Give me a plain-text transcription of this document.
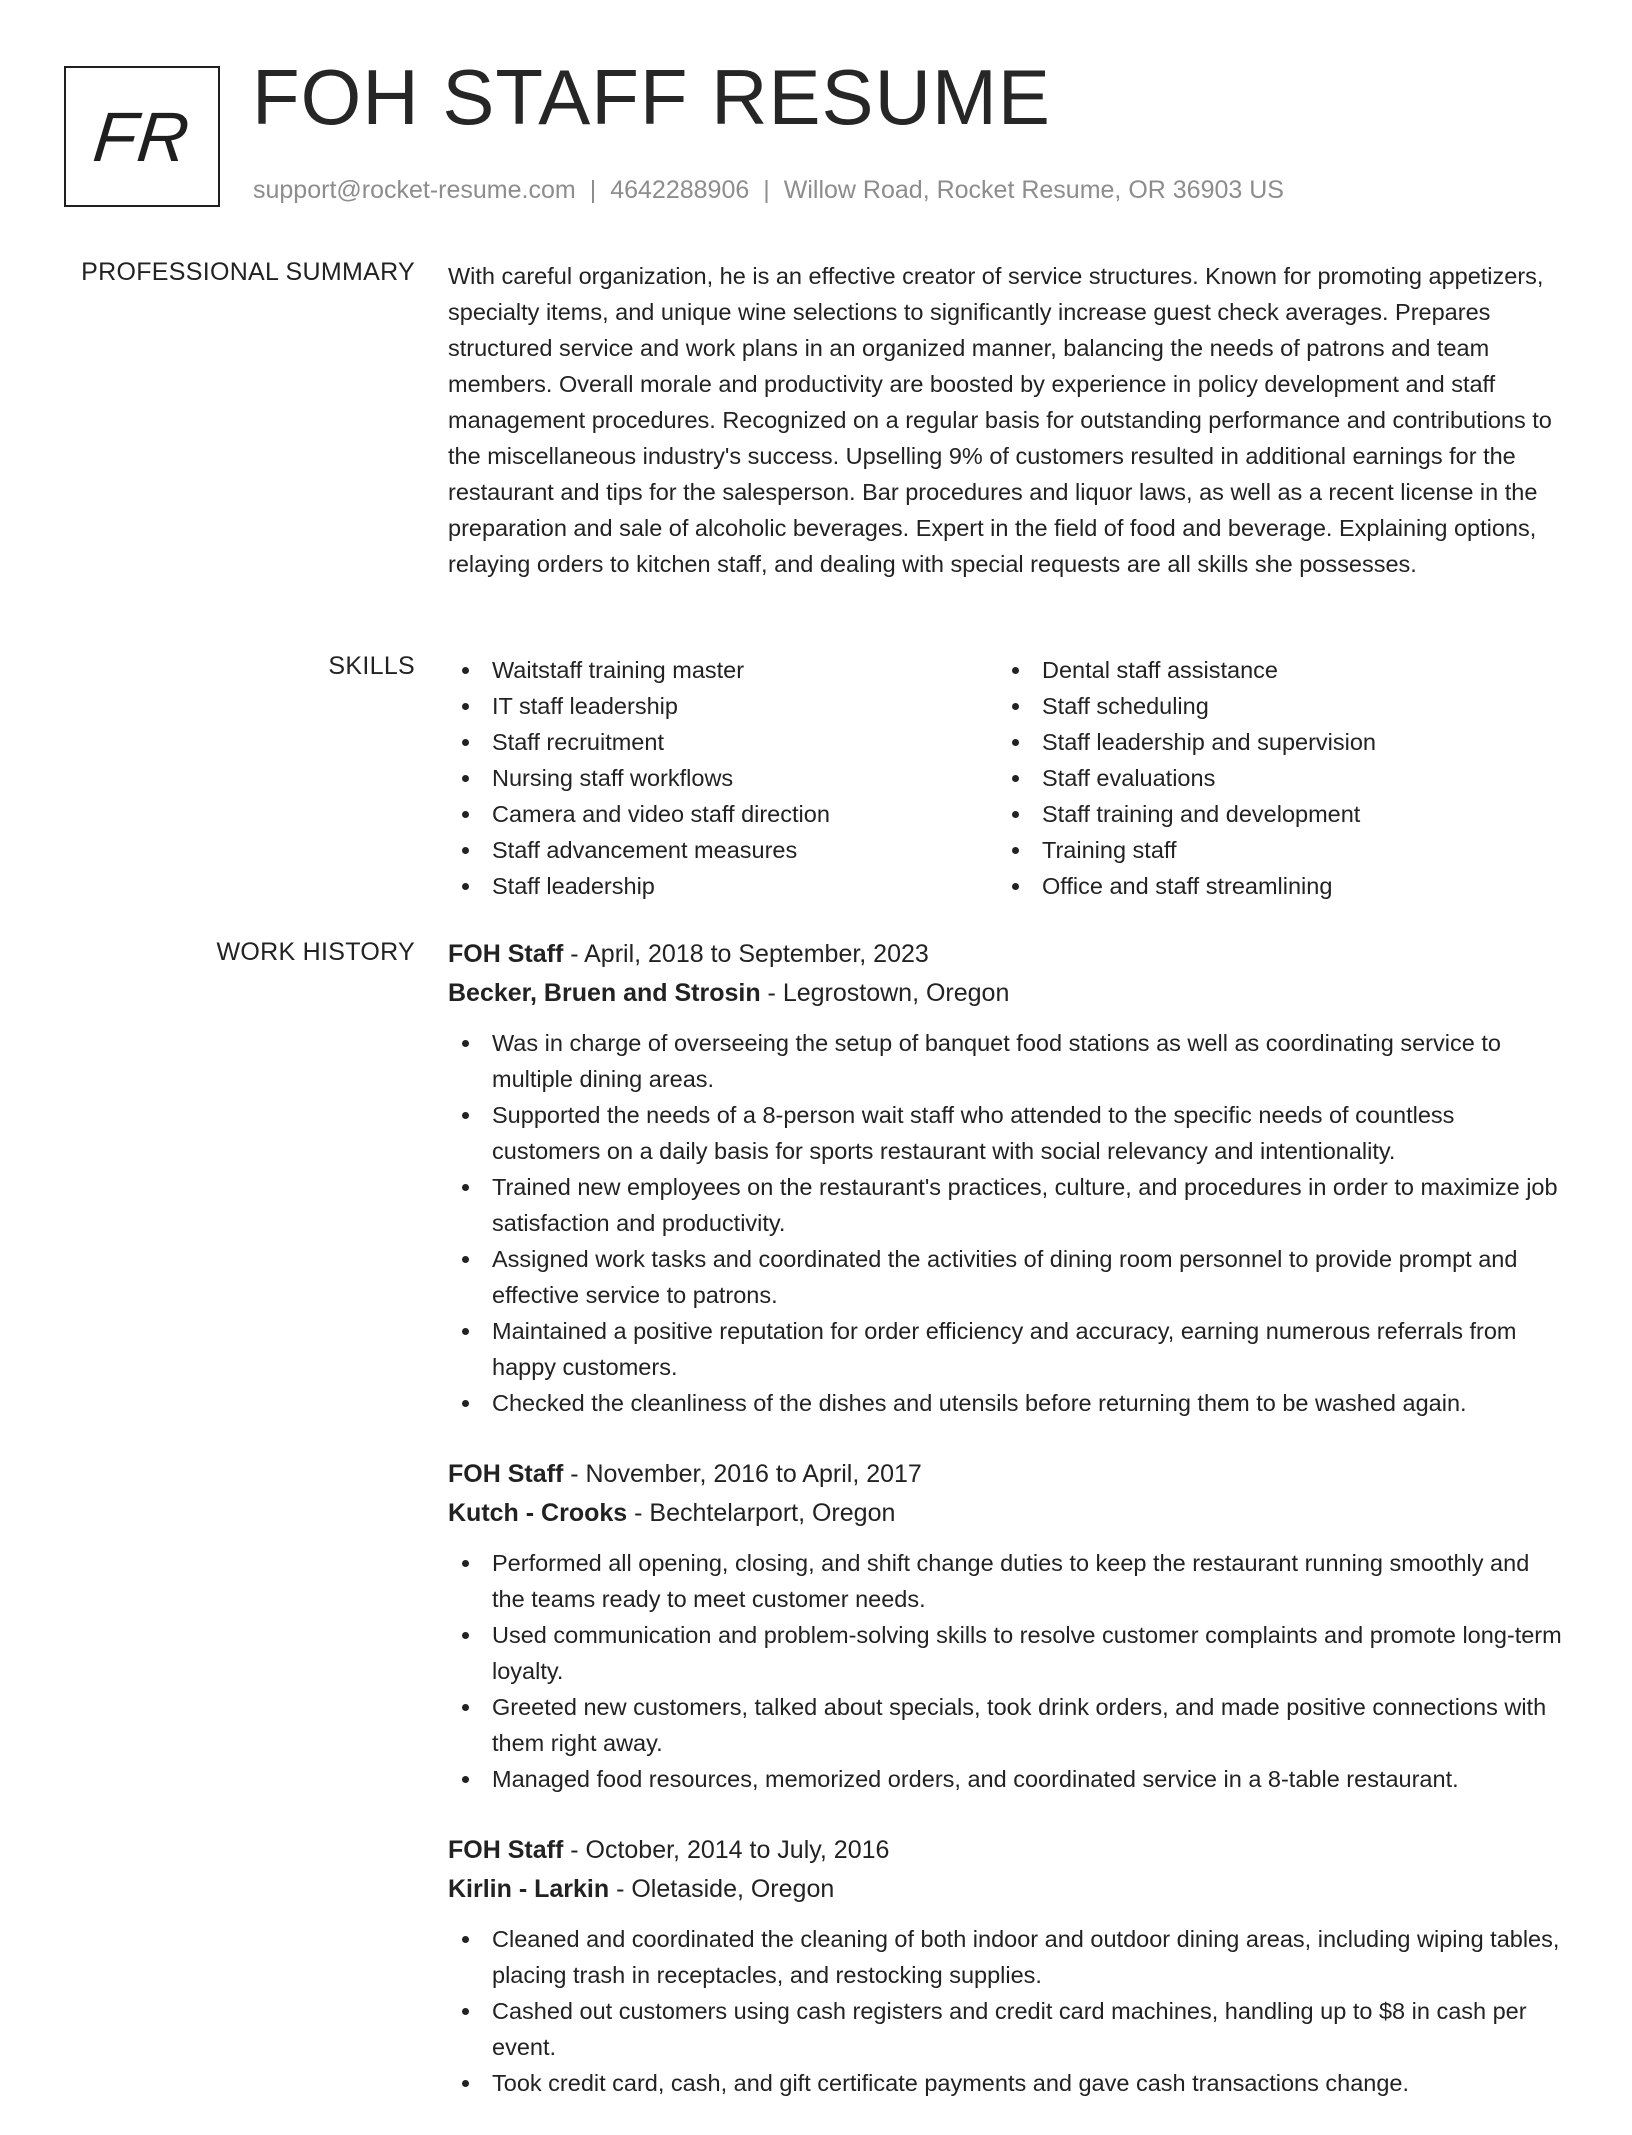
FR FOH STAFF RESUME
support@rocket-resume.com | 4642288906 | Willow Road, Rocket Resume, OR 36903 US
PROFESSIONAL SUMMARY With careful organization, he is an effective creator of service structures. Known for promoting appetizers, specialty items, and unique wine selections to significantly increase guest check averages. Prepares structured service and work plans in an organized manner, balancing the needs of patrons and team members. Overall morale and productivity are boosted by experience in policy development and staff management procedures. Recognized on a regular basis for outstanding performance and contributions to the miscellaneous industry's success. Upselling 9% of customers resulted in additional earnings for the restaurant and tips for the salesperson. Bar procedures and liquor laws, as well as a recent license in the preparation and sale of alcoholic beverages. Expert in the field of food and beverage. Explaining options, relaying orders to kitchen staff, and dealing with special requests are all skills she possesses.

SKILLS	Waitstaff training master
IT staff leadership
Staff recruitment
Nursing staff workflows
Camera and video staff direction
Staff advancement measures
Staff leadership
Dental staff assistance
Staff scheduling
Staff leadership and supervision
Staff evaluations
Staff training and development
Training staff
Office and staff streamlining
WORK HISTORY FOH Staff - April, 2018 to September, 2023
Becker, Bruen and Strosin - Legrostown, Oregon
Was in charge of overseeing the setup of banquet food stations as well as coordinating service to multiple dining areas.
Supported the needs of a 8-person wait staff who attended to the specific needs of countless customers on a daily basis for sports restaurant with social relevancy and intentionality.
Trained new employees on the restaurant's practices, culture, and procedures in order to maximize job satisfaction and productivity.
Assigned work tasks and coordinated the activities of dining room personnel to provide prompt and effective service to patrons.
Maintained a positive reputation for order efficiency and accuracy, earning numerous referrals from happy customers.
Checked the cleanliness of the dishes and utensils before returning them to be washed again.
FOH Staff - November, 2016 to April, 2017
Kutch - Crooks - Bechtelarport, Oregon
Performed all opening, closing, and shift change duties to keep the restaurant running smoothly and the teams ready to meet customer needs.
Used communication and problem-solving skills to resolve customer complaints and promote long-term loyalty.
Greeted new customers, talked about specials, took drink orders, and made positive connections with them right away.
Managed food resources, memorized orders, and coordinated service in a 8-table restaurant.
FOH Staff - October, 2014 to July, 2016
Kirlin - Larkin - Oletaside, Oregon
Cleaned and coordinated the cleaning of both indoor and outdoor dining areas, including wiping tables, placing trash in receptacles, and restocking supplies.
Cashed out customers using cash registers and credit card machines, handling up to $8 in cash per event.
Took credit card, cash, and gift certificate payments and gave cash transactions change.
